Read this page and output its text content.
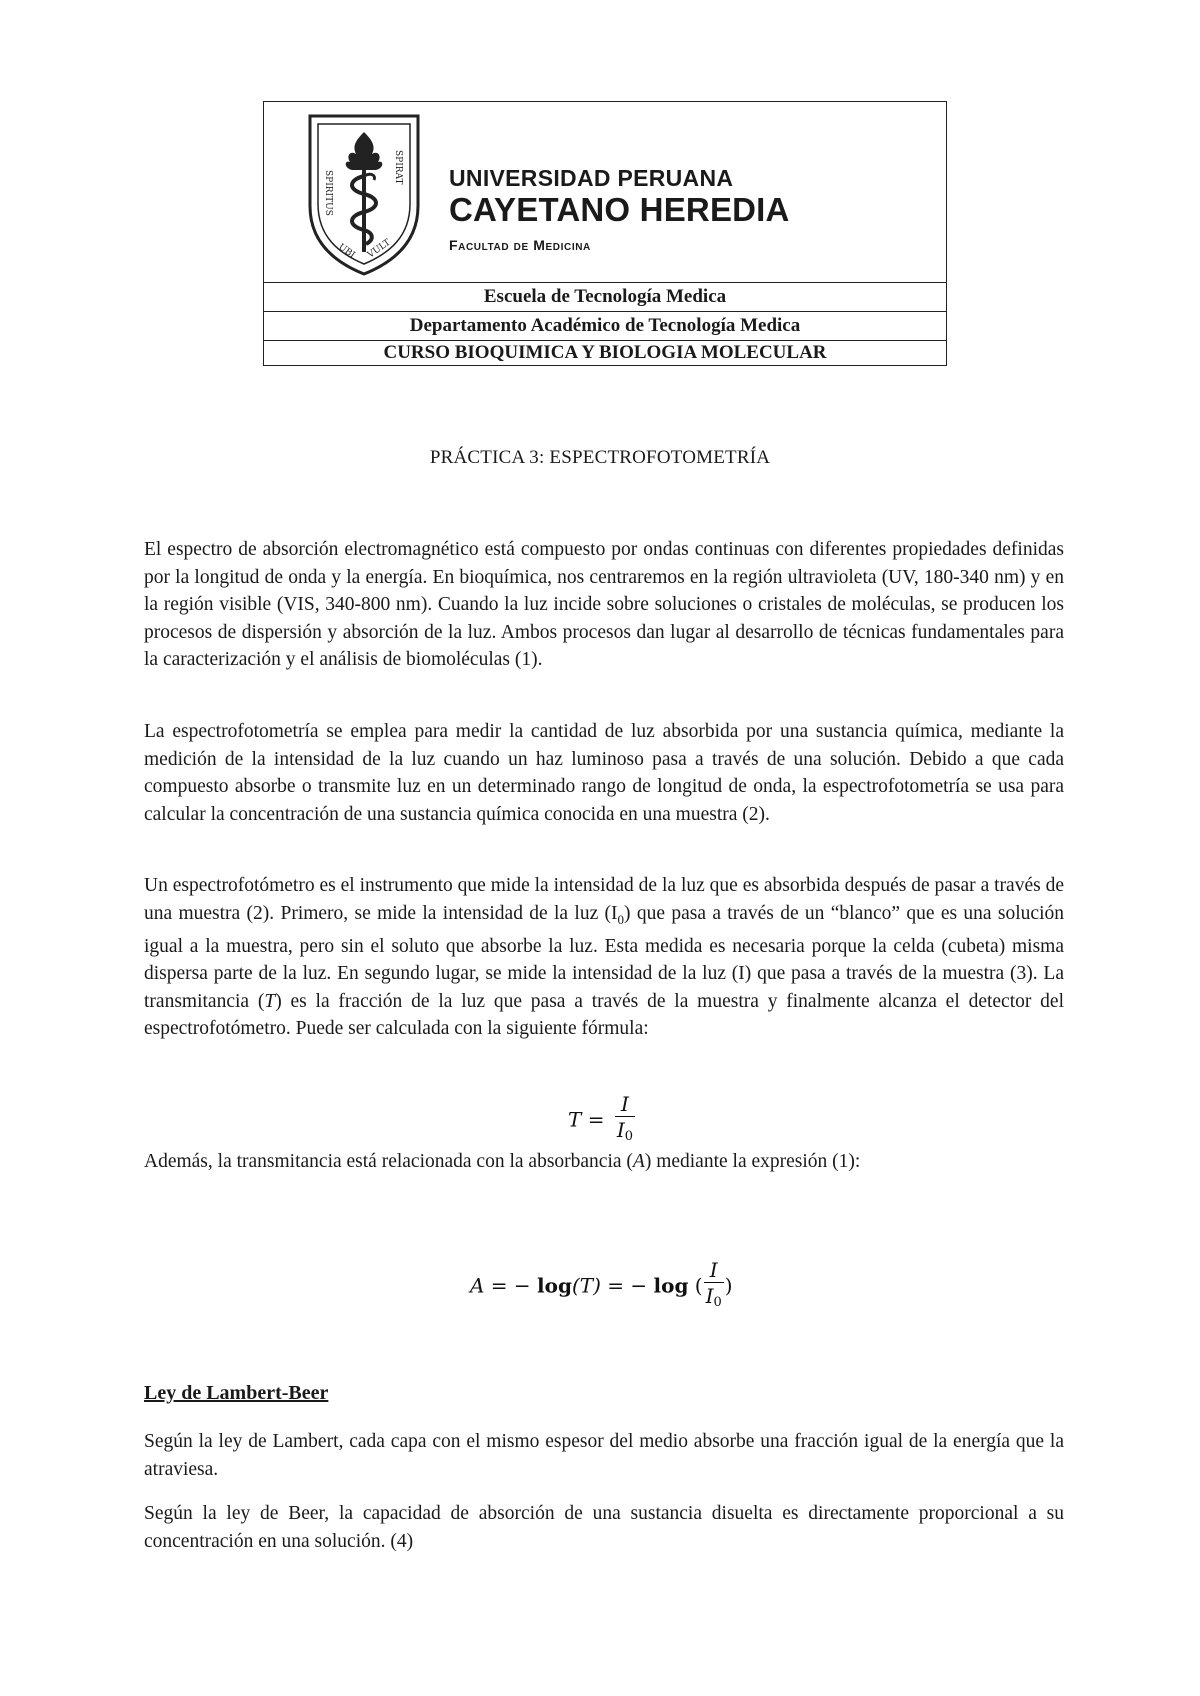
SPIRITUS
SPIRAT
UBI VULT
UNIVERSIDAD PERUANA
CAYETANO HEREDIA
Facultad de Medicina
Escuela de Tecnología Medica
Departamento Académico de Tecnología Medica
CURSO BIOQUIMICA Y BIOLOGIA MOLECULAR
PRÁCTICA 3: ESPECTROFOTOMETRÍA

El espectro de absorción electromagnético está compuesto por ondas continuas con diferentes propiedades definidas por la longitud de onda y la energía. En bioquímica, nos centraremos en la región ultravioleta (UV, 180-340 nm) y en la región visible (VIS, 340-800 nm). Cuando la luz incide sobre soluciones o cristales de moléculas, se producen los procesos de dispersión y absorción de la luz. Ambos procesos dan lugar al desarrollo de técnicas fundamentales para la caracterización y el análisis de biomoléculas (1).

La espectrofotometría se emplea para medir la cantidad de luz absorbida por una sustancia química, mediante la medición de la intensidad de la luz cuando un haz luminoso pasa a través de una solución. Debido a que cada compuesto absorbe o transmite luz en un determinado rango de longitud de onda, la espectrofotometría se usa para calcular la concentración de una sustancia química conocida en una muestra (2).

Un espectrofotómetro es el instrumento que mide la intensidad de la luz que es absorbida después de pasar a través de una muestra (2). Primero, se mide la intensidad de la luz $(I_0)$ que pasa a través de un “blanco” que es una solución igual a la muestra, pero sin el soluto que absorbe la luz. Esta medida es necesaria porque la celda (cubeta) misma dispersa parte de la luz. En segundo lugar, se mide la intensidad de la luz (I) que pasa a través de la muestra (3). La transmitancia (T) es la fracción de la luz que pasa a través de la muestra y finalmente alcanza el detector del espectrofotómetro. Puede ser calculada con la siguiente fórmula:

$T = \frac{I}{I_0}$

Además, la transmitancia está relacionada con la absorbancia (A) mediante la expresión (1):

A = − log(T) = − log ( $\frac{I}{I_0}$ )
Ley de Lambert-Beer

Según la ley de Lambert, cada capa con el mismo espesor del medio absorbe una fracción igual de la energía que la atraviesa.

Según la ley de Beer, la capacidad de absorción de una sustancia disuelta es directamente proporcional a su concentración en una solución. (4)
